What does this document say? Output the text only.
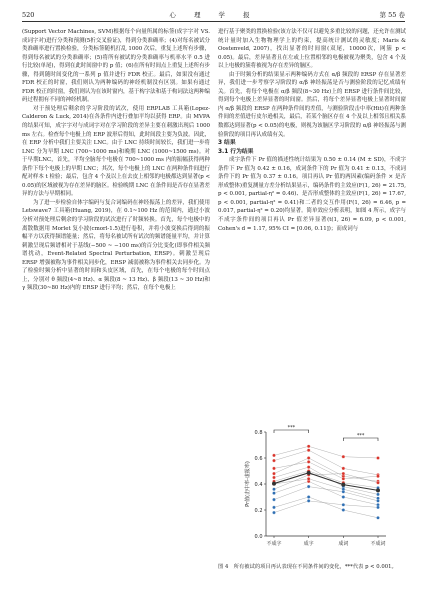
520	心 理 学 报	第 55 卷

(Support Vector Machines, SVM)根据每个向量所属的标签(成字字对 VS. 成词字对)进行分类和预测(5折交叉验证)，得到分类准确率；(4)对每名被试分类准确率进行置换检验，分类标签随机打乱 1000 次后，重复上述所有步骤，得到每名被试的分类准确率；(5)将所有被试的分类准确率与机率水平 0.5 进行比较(单尾)，得到在此时间窗中的 p 值；(6)在所有时间点上重复上述所有步骤，得到随时间变化的一系列 p 值并进行 FDR 校正。最后，如果没有通过 FDR 校正的时窗，我们则认为两种编码的神经机制没有区别。如果有通过 FDR 校正的时窗，我们则认为在该时窗内，基于构字法和基于构词法这两种编码过程拥有不同的神经机制。

对于预处理后剩余的学习阶段的试次，使用 ERPLAB 工具箱(Lopez-Calderon & Luck, 2014)在各条件内进行叠加平均以获得 ERP。由 MVPA 的结果可知，成字字对与成词字对在学习阶段的差异主要在刺激出现后 1000 ms 左右。检查每个电极上的 ERP 波形后得知，此时间段主要为负波。因此，在 ERP 分析中我们主要关注 LNC。由于 LNC 持续时间较长，我们进一步将 LNC 分为早期 LNC (700~1000 ms)和晚期 LNC (1000~1500 ms)。对于早期LNC，首先，平均全脑每个电极在 700~1000 ms 内的振幅获得两种条件下每个电极上的早期 LNC；其次，每个电极上的 LNC 在两种条件间进行配对样本 t 检验；最后，包含 4 个及以上在去皮上相邻的电极都达到显著(p < 0.05)的区域被视为存在差异的脑区。检验晚期 LNC 在条件间是否存在显著差异的方法与早期相同。

为了进一步检验自体字编码与复合词编码在神经振荡上的差异，我们使用 Letswave7 工具箱(Huang, 2019)，在 0.1~100 Hz 的范围内，通过小波分析对预处理后剩余的学习阶段的试次进行了时频转换。首先，每个电极中的离散数据用 Morlet 复小波(cmorl-1.5)进行卷积，并将小波变换后得到的振幅平方以获得频谱能量；然后，将每名被试所有试次的频谱能量平均，并计算刺激呈现后频谱相对于基线(−500 ~ −100 ms)的百分比变化(即事件相关频谱扰动，Event-Related Spectral Perturbation, ERSP)。刺激呈现后 ERSP 增强被称为事件相关同步化，ERSP 减弱被称为事件相关去同步化。为了检验时频分析中显著的时间和头皮区域，首先，在每个电极的每个时间点上，分别对 θ 频段(4~8 Hz)、α 频段(8 ~ 13 Hz)、β 频段(13 ~ 30 Hz)和 γ 频段(30~80 Hz)内的 ERSP 进行平均；然后，在每个电极上

进行基于聚类的置换检验(该方法不仅可以避免多重比较的问题，还允许在测试统计量时加入生物物理学上的约束，提高统计测试的灵敏度；Maris & Oostenveld, 2007)，找出显著的时间窗(双尾，10000次，网簇 p < 0.05)。最后，差异显著且在左或上位置相邻的电极被视为聚类，包含 4 个及以上电极的簇将被视为存在差异的脑区。

由于时频分析的结果显示两种编码方式在 α/β 频段的 ERSP 存在显著差异，我们进一步考察学习阶段的 α/β 神经振荡是否与测验阶段的记忆成绩有关。首先，将每个电极在 α/β 频段(8~30 Hz)上的 ERSP 进行条件间比较，得到每个电极上差异显著的时间窗。然后，将每个差异显著电极上显著时间窗内 α/β 频段的 ERSP 在两种条件间的差值，与测验阶段击中率(Hit)在两种条件间的差值进行皮尔逊相关，最后，若某个脑区存在 4 个及以上相邻且相关系数都达到显著(p < 0.05)的电极，则视为该脑区学习阶段的 α/β 神经振荡与测验阶段的项目再认成绩有关。

3 结果

3.1 行为结果

成字条件下 Pr 值的描述性统计结果为 0.50 ± 0.14 (M ± SD)，不成字条件下 Pr 值为 0.42 ± 0.16，成词条件下的 Pr 值为 0.41 ± 0.13，不成词条件下的 Pr 值为 0.37 ± 0.16。项目再认 Pr 值的两因素(编码条件 × 是否形成整体)重复测量方差分析结果显示，编码条件的主效应(F(1, 26) = 21.75, p < 0.001, partial-η² = 0.46)、是否形成整体的主效应(F(1, 26) = 17.67, p < 0.001, partial-η² = 0.41)和二者的交互作用(F(1, 26) = 6.46, p = 0.017, partial-η² = 0.20)均显著。简单效应分析表明，如图 4 所示，成字与不成字条件间的项目再认 Pr 值差异显著(t(1, 26) = 6.09, p < 0.001, Cohen's d = 1.17, 95% CI = [0.06, 0.11])；而成词与

0.8
0.6
0.4
0.2
0.0
Pr值(击中率-虚报率)
不成字	成字	成词	不成词
***
***
图 4　所有被试的项目再认表现在不同条件间的变化，***代表 p < 0.001。
